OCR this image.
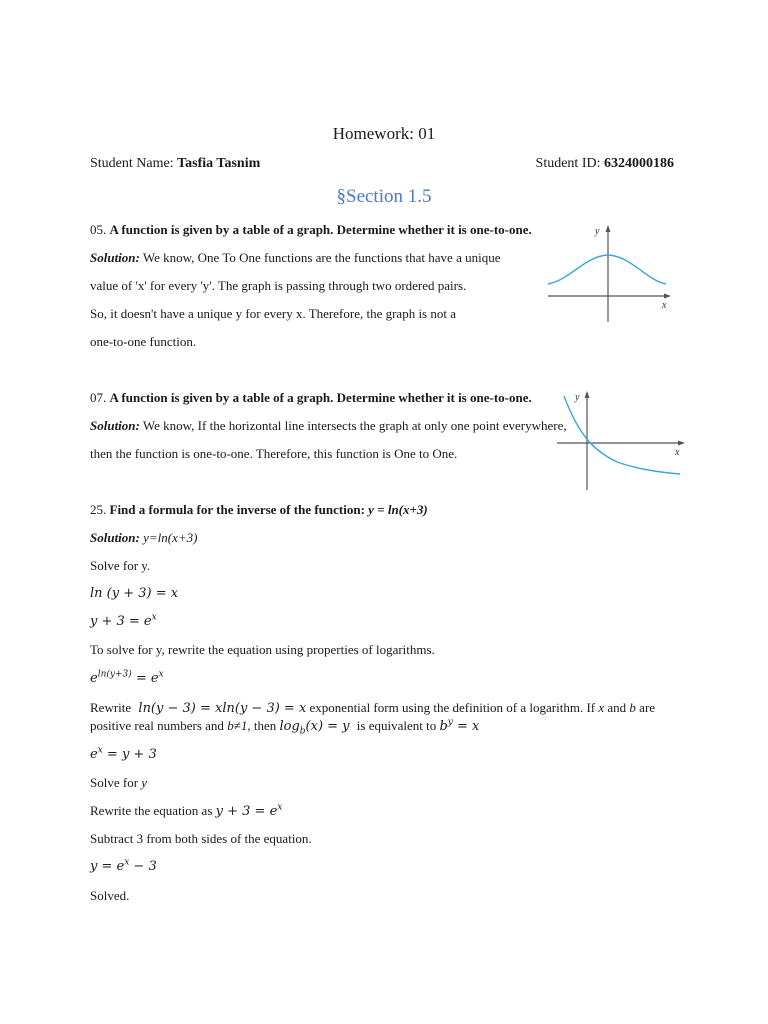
Homework: 01
Student Name: Tasfia Tasnim	Student ID: 6324000186
§Section 1.5
05. A function is given by a table of a graph. Determine whether it is one-to-one.
Solution: We know, One To One functions are the functions that have a unique
value of 'x' for every 'y'. The graph is passing through two ordered pairs.
So, it doesn't have a unique y for every x. Therefore, the graph is not a
one-to-one function.
y
x
07. A function is given by a table of a graph. Determine whether it is one-to-one.
Solution: We know, If the horizontal line intersects the graph at only one point everywhere,
then the function is one-to-one. Therefore, this function is One to One.
y
x
25. Find a formula for the inverse of the function: y = ln(x+3)
Solution: y=ln(x+3)
Solve for y.
ln (y + 3) = x
$y + 3 = e^x$
To solve for y, rewrite the equation using properties of logarithms.
$e^{ln(y+3)} = e^x$
Rewrite ln(y − 3) = xln(y − 3) = x exponential form using the definition of a logarithm. If x and b are
positive real numbers and b≠1, then $\log_b(x) = y$ is equivalent to $b^y = x$
$e^x = y + 3$
Solve for y
Rewrite the equation as $y + 3 = e^x$
Subtract 3 from both sides of the equation.
$y = e^x - 3$
Solved.
